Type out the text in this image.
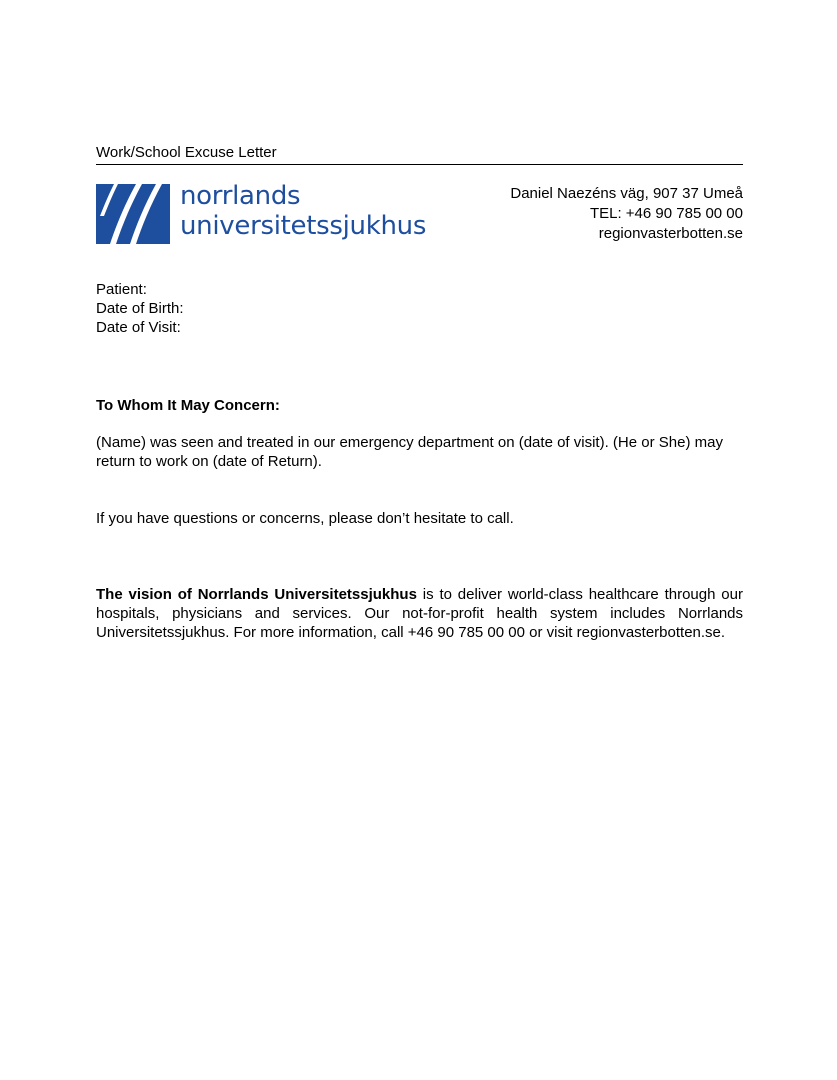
Work/School Excuse Letter
norrlands
universitetssjukhus
Daniel Naezéns väg, 907 37 Umeå
TEL: +46 90 785 00 00
regionvasterbotten.se
Patient:
Date of Birth:
Date of Visit:
To Whom It May Concern:
(Name) was seen and treated in our emergency department on (date of visit). (He or She) may return to work on (date of Return).
If you have questions or concerns, please don’t hesitate to call.
The vision of Norrlands Universitetssjukhus is to deliver world-class healthcare through our hospitals, physicians and services. Our not-for-profit health system includes Norrlands Universitetssjukhus. For more information, call +46 90 785 00 00 or visit regionvasterbotten.se.
